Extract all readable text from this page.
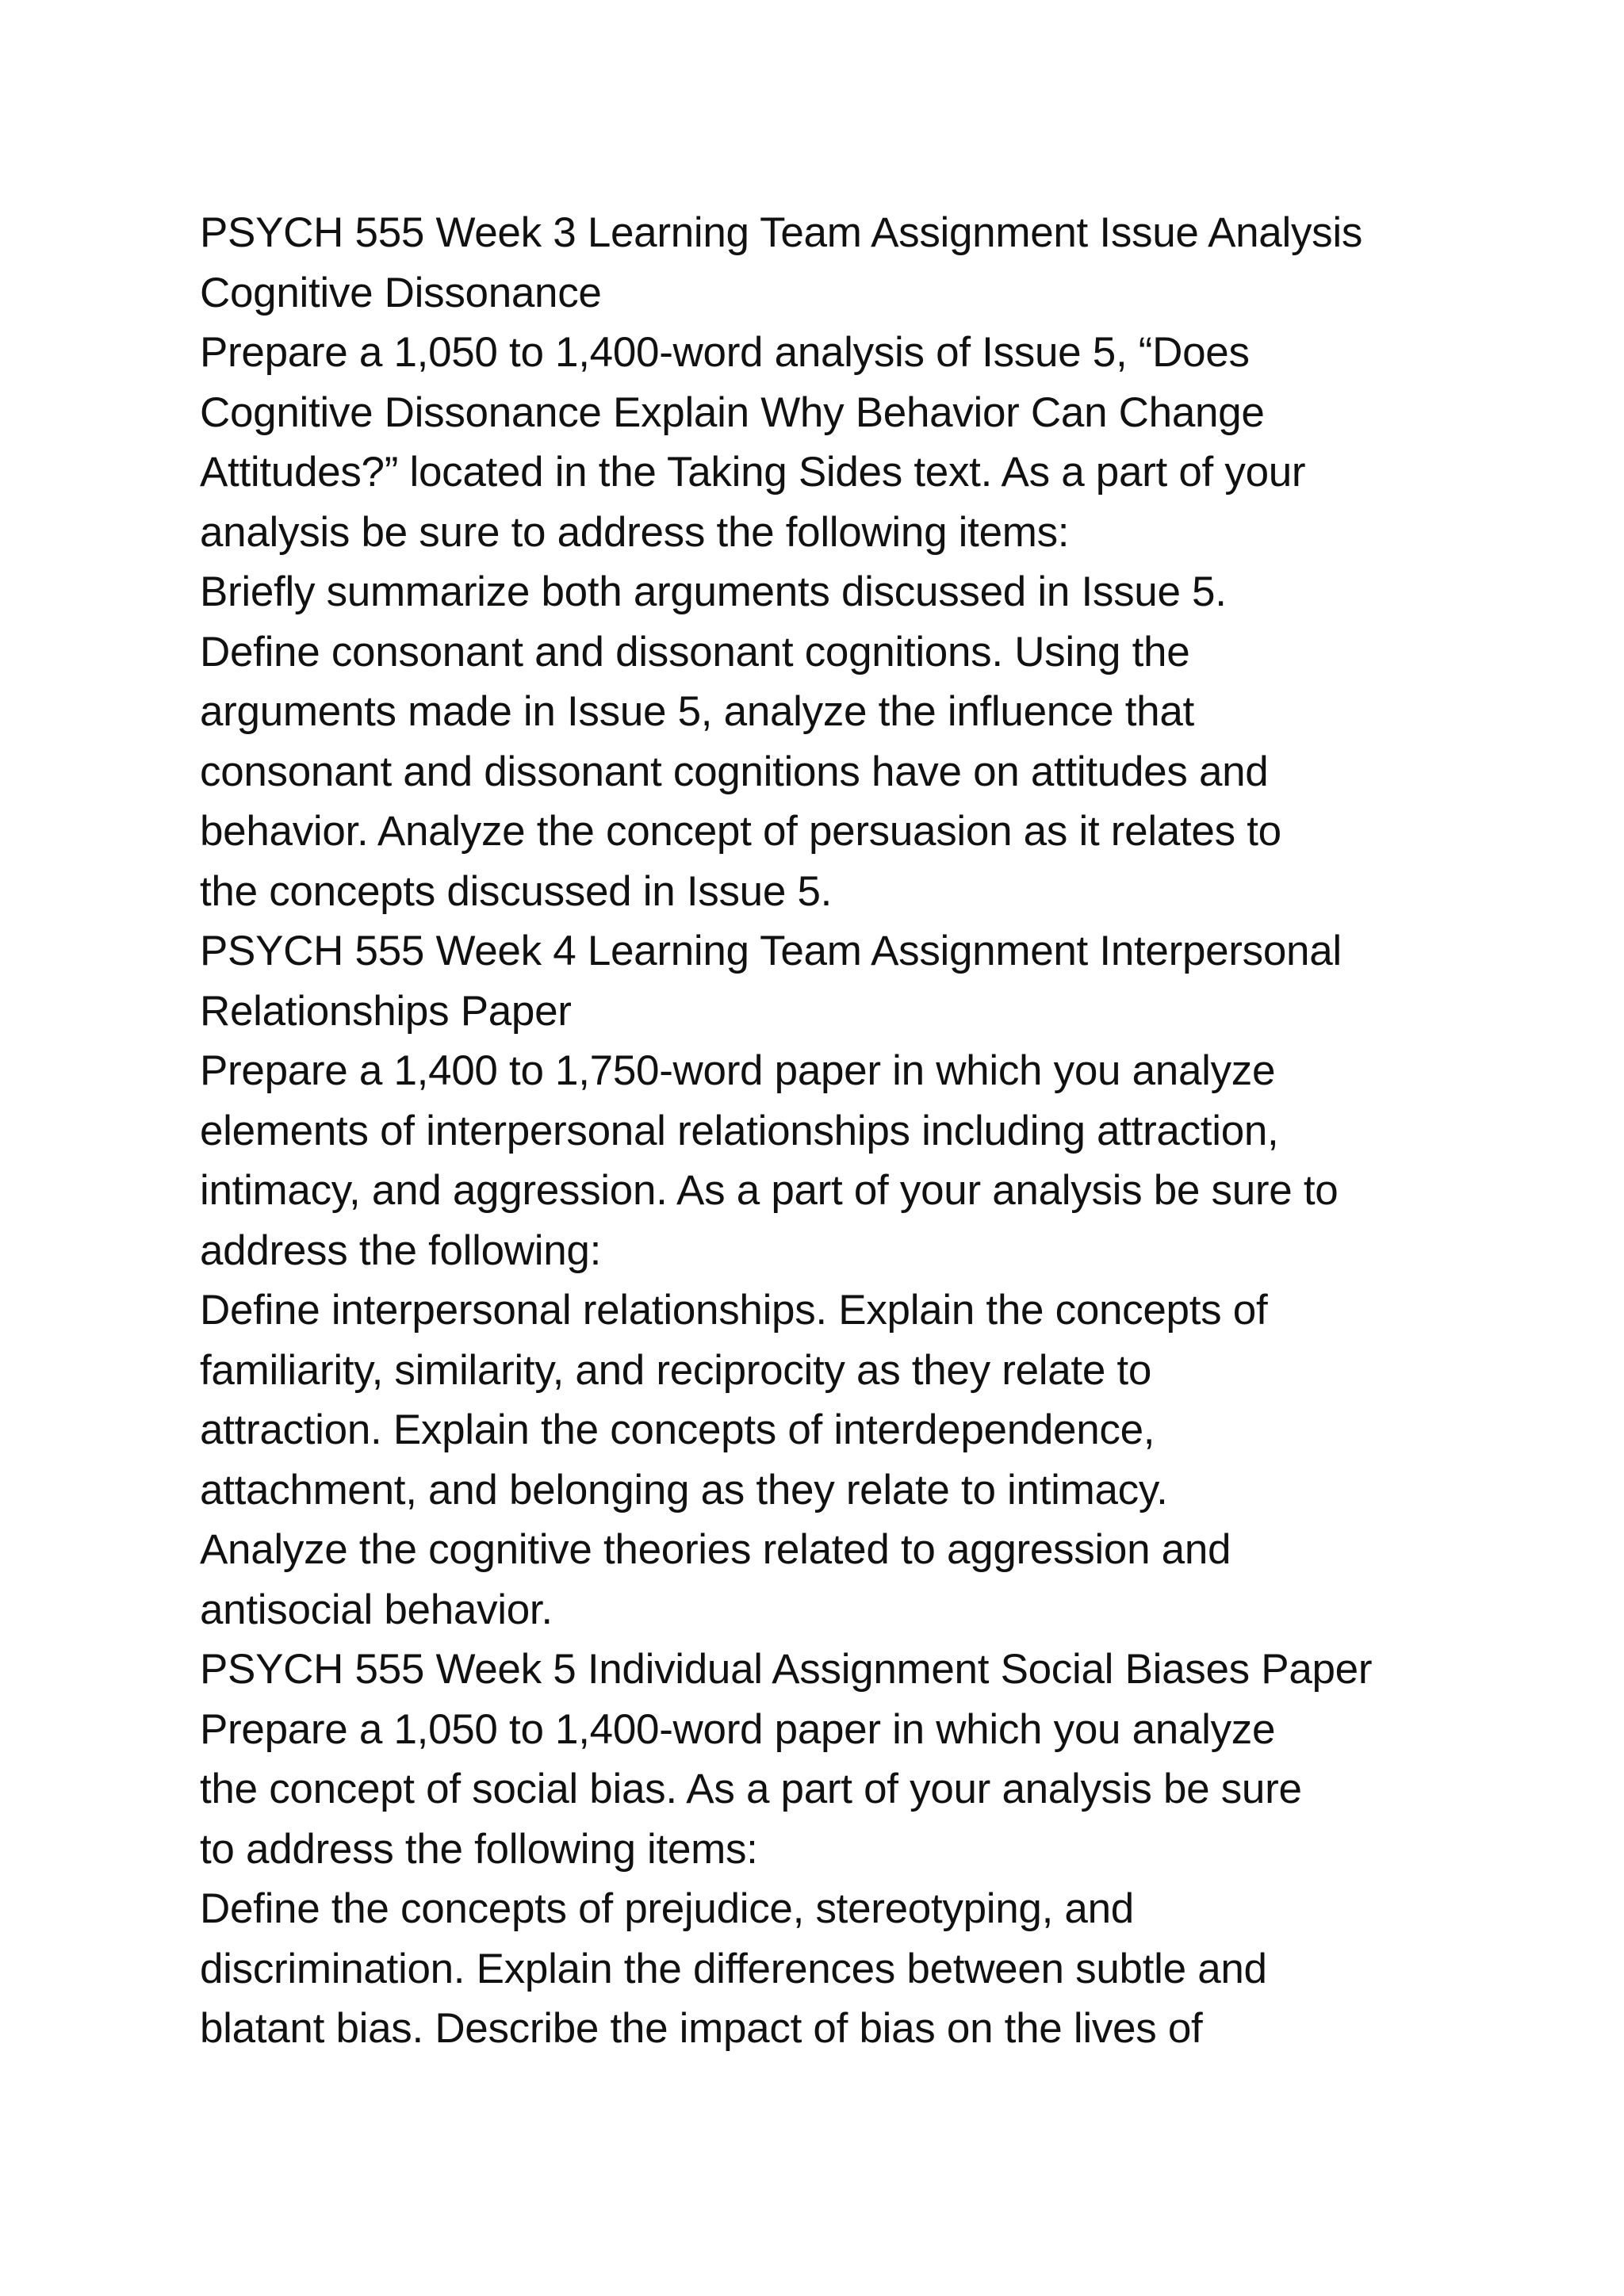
PSYCH 555 Week 3 Learning Team Assignment Issue Analysis
Cognitive Dissonance
Prepare a 1,050 to 1,400-word analysis of Issue 5, “Does
Cognitive Dissonance Explain Why Behavior Can Change
Attitudes?” located in the Taking Sides text. As a part of your
analysis be sure to address the following items:
Briefly summarize both arguments discussed in Issue 5.
Define consonant and dissonant cognitions. Using the
arguments made in Issue 5, analyze the influence that
consonant and dissonant cognitions have on attitudes and
behavior. Analyze the concept of persuasion as it relates to
the concepts discussed in Issue 5.
PSYCH 555 Week 4 Learning Team Assignment Interpersonal
Relationships Paper
Prepare a 1,400 to 1,750-word paper in which you analyze
elements of interpersonal relationships including attraction,
intimacy, and aggression. As a part of your analysis be sure to
address the following:
Define interpersonal relationships. Explain the concepts of
familiarity, similarity, and reciprocity as they relate to
attraction. Explain the concepts of interdependence,
attachment, and belonging as they relate to intimacy.
Analyze the cognitive theories related to aggression and
antisocial behavior.
PSYCH 555 Week 5 Individual Assignment Social Biases Paper
Prepare a 1,050 to 1,400-word paper in which you analyze
the concept of social bias. As a part of your analysis be sure
to address the following items:
Define the concepts of prejudice, stereotyping, and
discrimination. Explain the differences between subtle and
blatant bias. Describe the impact of bias on the lives of
